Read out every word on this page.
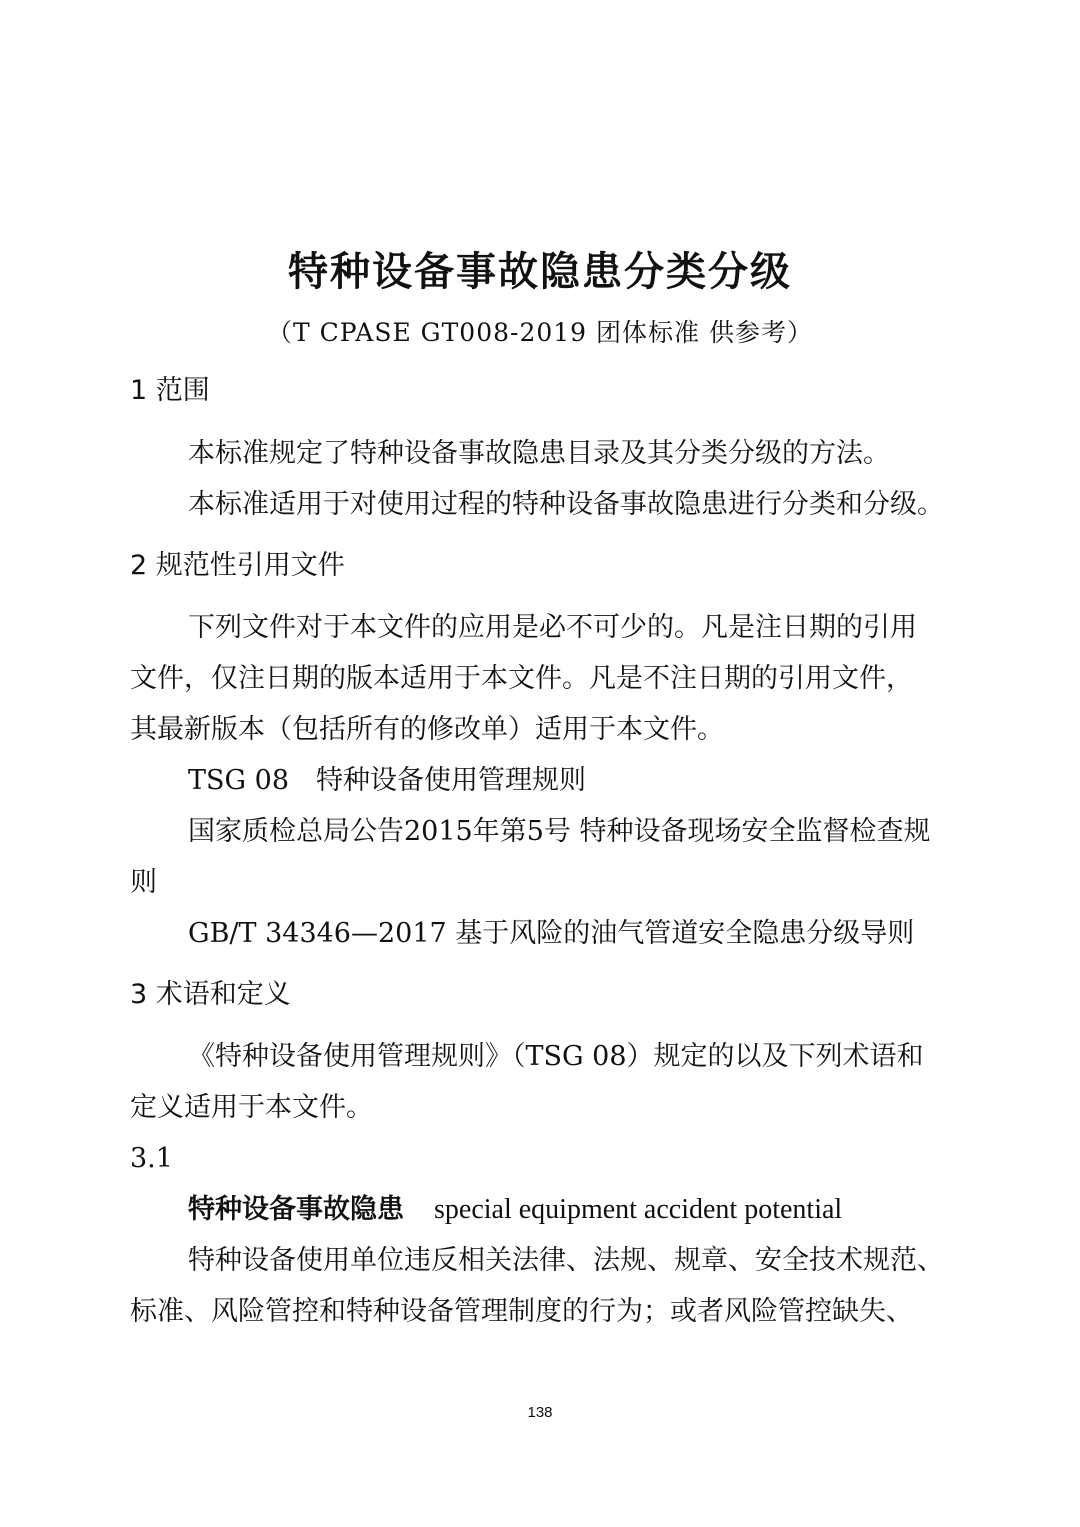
特种设备事故隐患分类分级
（T CPASE GT008-2019 团体标准 供参考）
1 范围
本标准规定了特种设备事故隐患目录及其分类分级的方法。
本标准适用于对使用过程的特种设备事故隐患进行分类和分级。
2 规范性引用文件
下列文件对于本文件的应用是必不可少的。凡是注日期的引用
文件，仅注日期的版本适用于本文件。凡是不注日期的引用文件，
其最新版本（包括所有的修改单）适用于本文件。
TSG 08　特种设备使用管理规则
国家质检总局公告2015年第5号 特种设备现场安全监督检查规
则
GB/T 34346—2017 基于风险的油气管道安全隐患分级导则
3 术语和定义
《特种设备使用管理规则》（TSG 08）规定的以及下列术语和
定义适用于本文件。
3.1
特种设备事故隐患 special equipment accident potential
特种设备使用单位违反相关法律、法规、规章、安全技术规范、
标准、风险管控和特种设备管理制度的行为；或者风险管控缺失、
138
